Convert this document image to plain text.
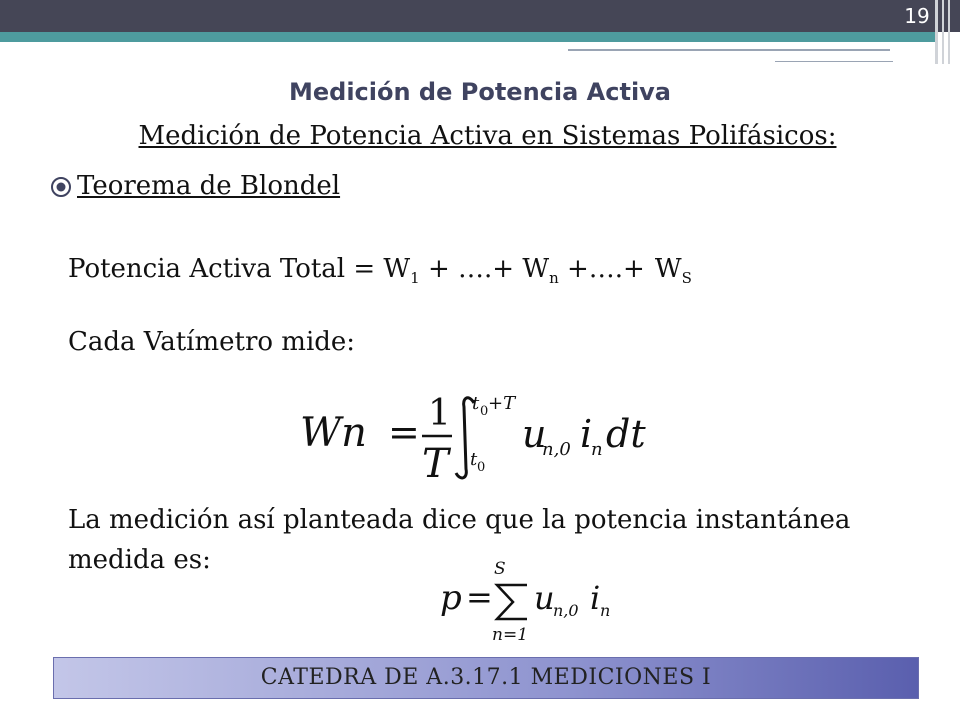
19
Medición de Potencia Activa
Medición de Potencia Activa en Sistemas Polifásicos:
Teorema de Blondel
Potencia Activa Total = $W_1$ + ….+ $W_n$ +….+ $W_S$
Cada Vatímetro mide:
Wn = 1
T
t 0 +T
t 0
u
n,0 i
n dt
La medición así planteada dice que la potencia instantánea
medida es:
p =
S
n=1
u
n,0 i n
CATEDRA DE A.3.17.1 MEDICIONES I
